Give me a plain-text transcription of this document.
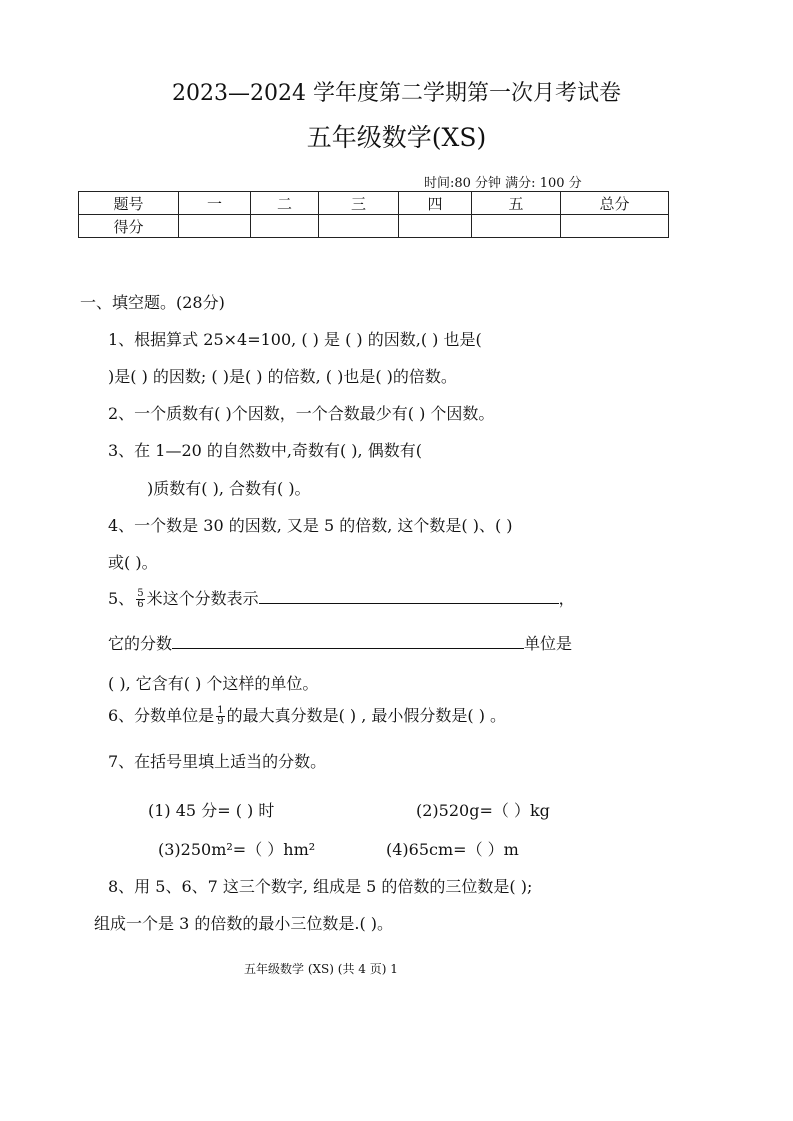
2023—2024 学年度第二学期第一次月考试卷
五年级数学(XS)
时间:80 分钟 满分: 100 分
题号	一	二	三	四	五	总分
得分						
一、填空题。(28分)
1、根据算式 25×4=100, ( ) 是 ( ) 的因数,( ) 也是(
)是( ) 的因数; ( )是( ) 的倍数, ( )也是( )的倍数。
2、一个质数有( )个因数，一个合数最少有( ) 个因数。
3、在 1—20 的自然数中,奇数有( ), 偶数有(
)质数有( ), 合数有( )。
4、一个数是 30 的因数, 又是 5 的倍数, 这个数是( )、( )
或( )。
5、 $\frac{5}{6}$ 米这个分数表示	，
它的分数	单位是
( ), 它含有( ) 个这样的单位。
6、分数单位是 $\frac{1}{9}$ 的最大真分数是( ) , 最小假分数是( ) 。
7、在括号里填上适当的分数。
(1) 45 分= ( ) 时	(2)520g=（ ）kg
(3)250m²=（ ）hm²	(4)65cm=（ ）m
8、用 5、6、7 这三个数字, 组成是 5 的倍数的三位数是( );
组成一个是 3 的倍数的最小三位数是.( )。
五年级数学 (XS) (共 4 页) 1
